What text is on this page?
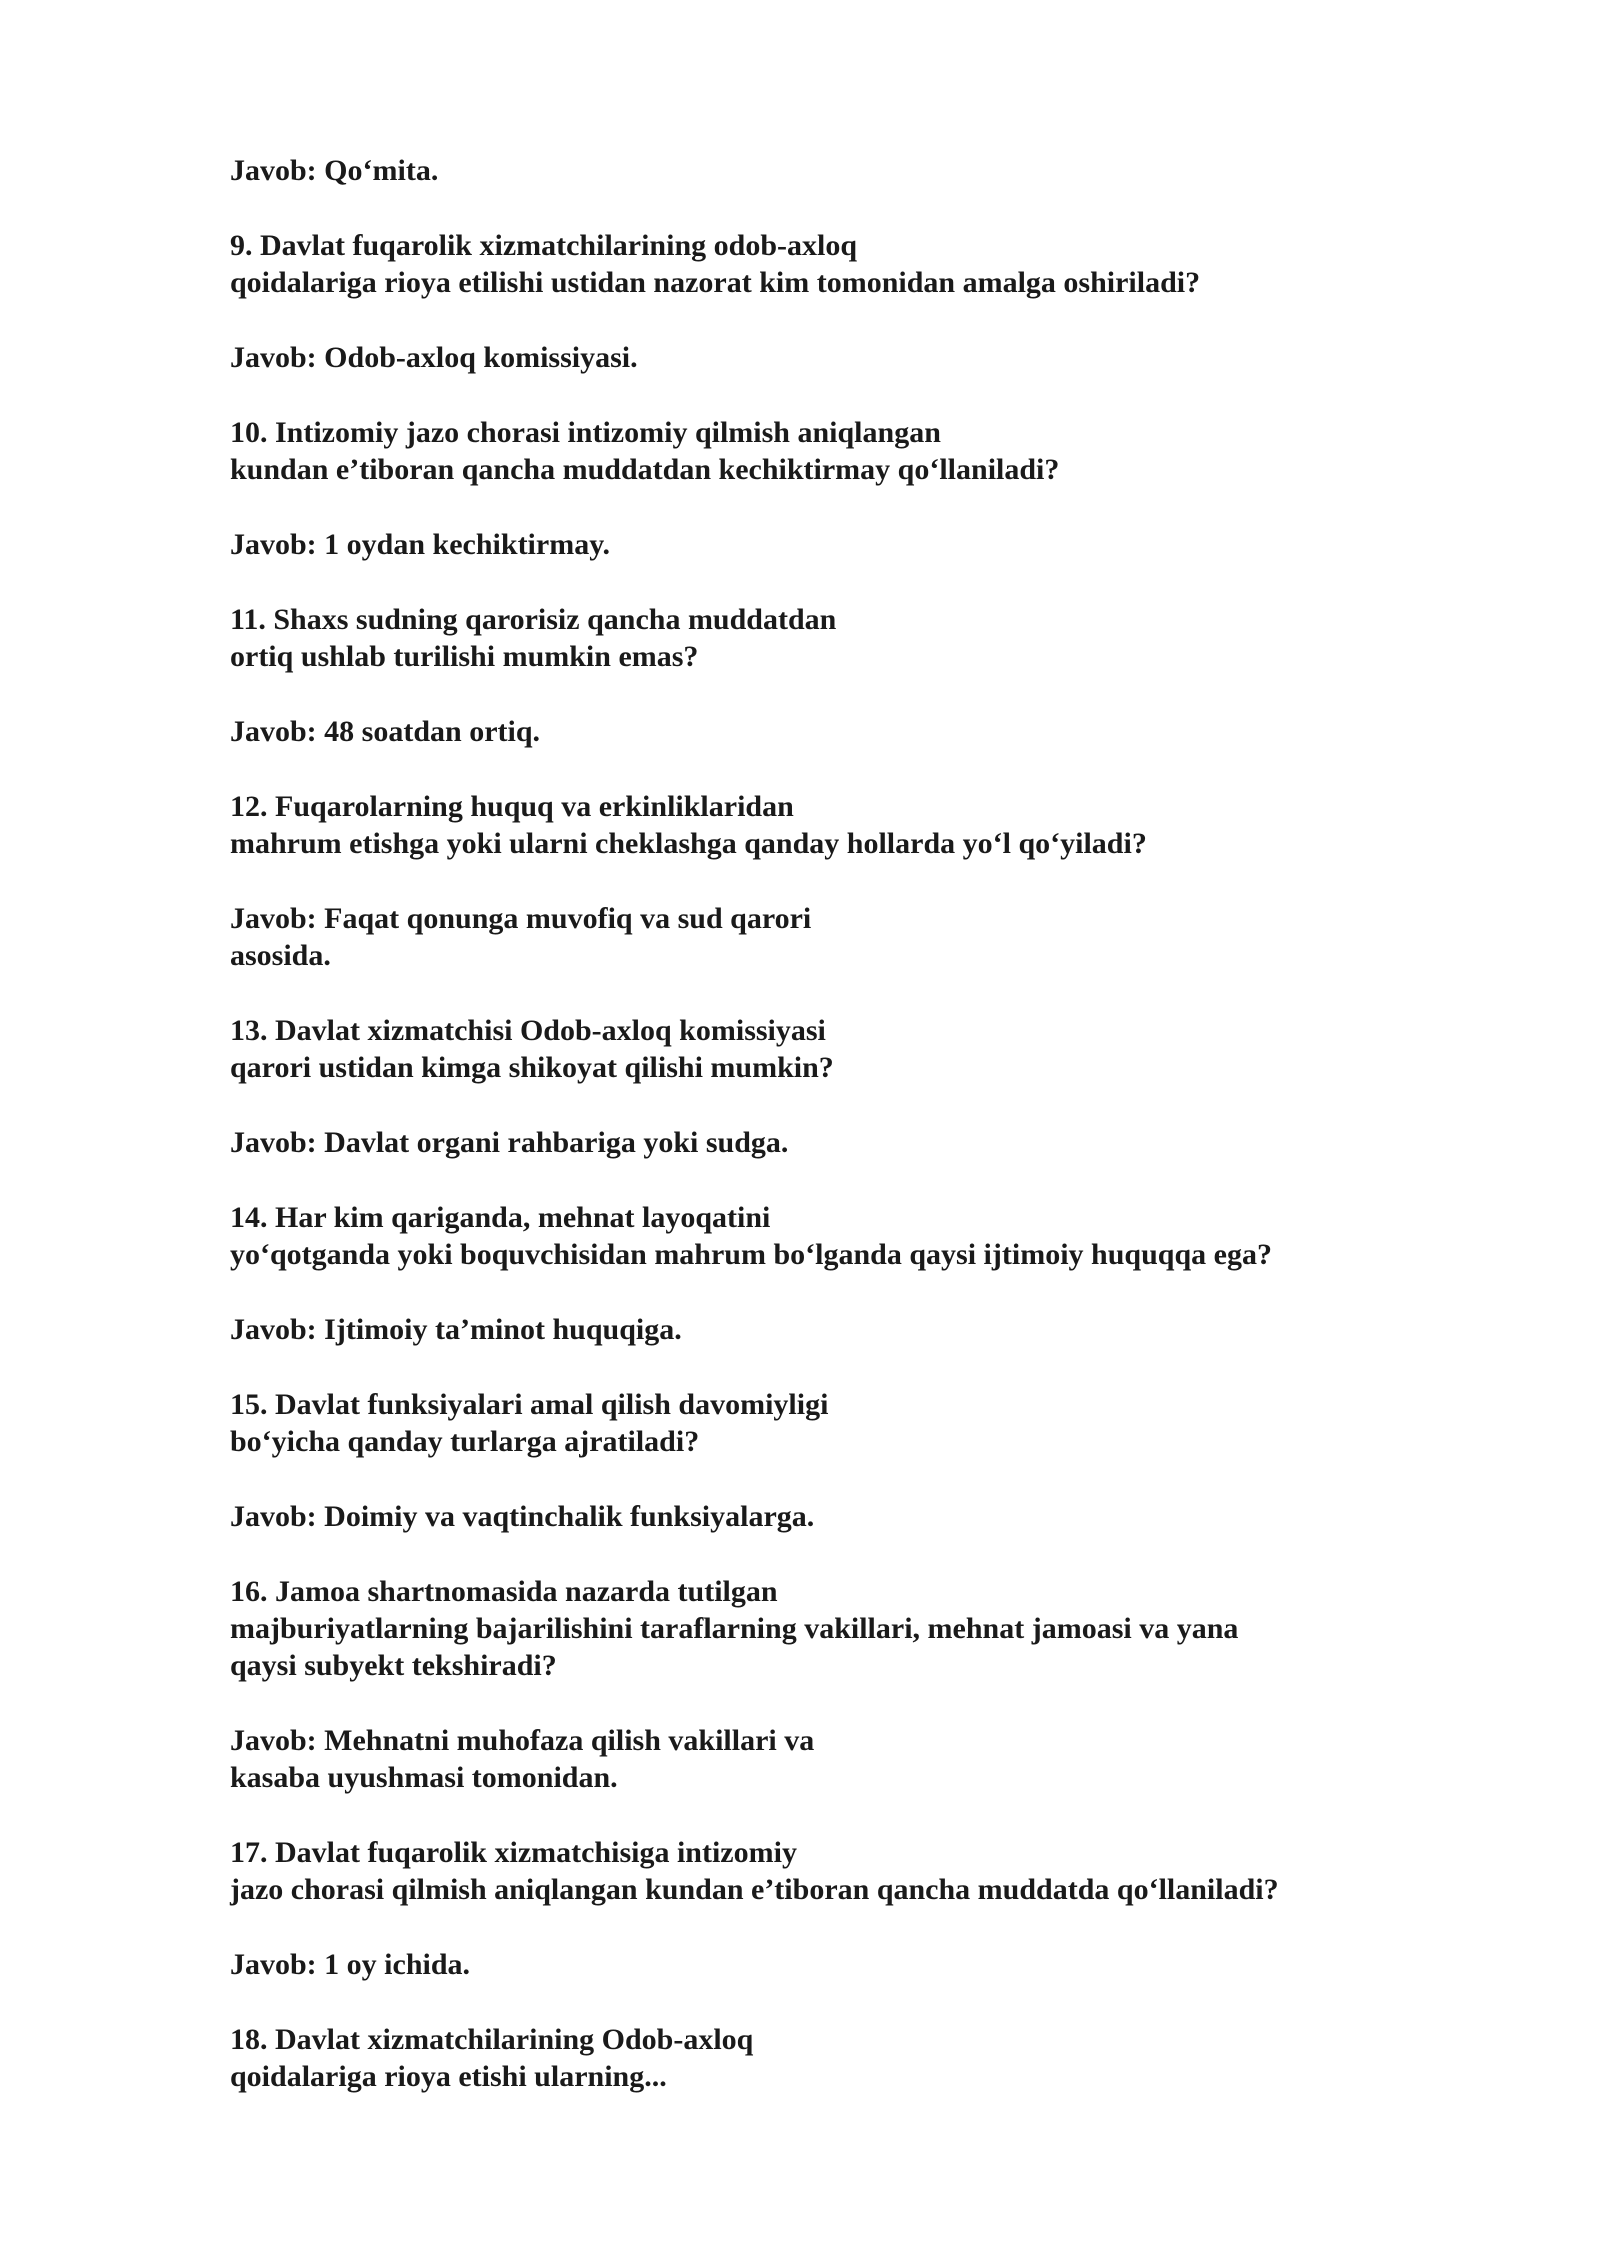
Javob: Qo‘mita.
9. Davlat fuqarolik xizmatchilarining odob-axloq
qoidalariga rioya etilishi ustidan nazorat kim tomonidan amalga oshiriladi?
Javob: Odob-axloq komissiyasi.
10. Intizomiy jazo chorasi intizomiy qilmish aniqlangan
kundan e’tiboran qancha muddatdan kechiktirmay qo‘llaniladi?
Javob: 1 oydan kechiktirmay.
11. Shaxs sudning qarorisiz qancha muddatdan
ortiq ushlab turilishi mumkin emas?
Javob: 48 soatdan ortiq.
12. Fuqarolarning huquq va erkinliklaridan
mahrum etishga yoki ularni cheklashga qanday hollarda yo‘l qo‘yiladi?
Javob: Faqat qonunga muvofiq va sud qarori
asosida.
13. Davlat xizmatchisi Odob-axloq komissiyasi
qarori ustidan kimga shikoyat qilishi mumkin?
Javob: Davlat organi rahbariga yoki sudga.
14. Har kim qariganda, mehnat layoqatini
yo‘qotganda yoki boquvchisidan mahrum bo‘lganda qaysi ijtimoiy huquqqa ega?
Javob: Ijtimoiy ta’minot huquqiga.
15. Davlat funksiyalari amal qilish davomiyligi
bo‘yicha qanday turlarga ajratiladi?
Javob: Doimiy va vaqtinchalik funksiyalarga.
16. Jamoa shartnomasida nazarda tutilgan
majburiyatlarning bajarilishini taraflarning vakillari, mehnat jamoasi va yana
qaysi subyekt tekshiradi?
Javob: Mehnatni muhofaza qilish vakillari va
kasaba uyushmasi tomonidan.
17. Davlat fuqarolik xizmatchisiga intizomiy
jazo chorasi qilmish aniqlangan kundan e’tiboran qancha muddatda qo‘llaniladi?
Javob: 1 oy ichida.
18. Davlat xizmatchilarining Odob-axloq
qoidalariga rioya etishi ularning...
